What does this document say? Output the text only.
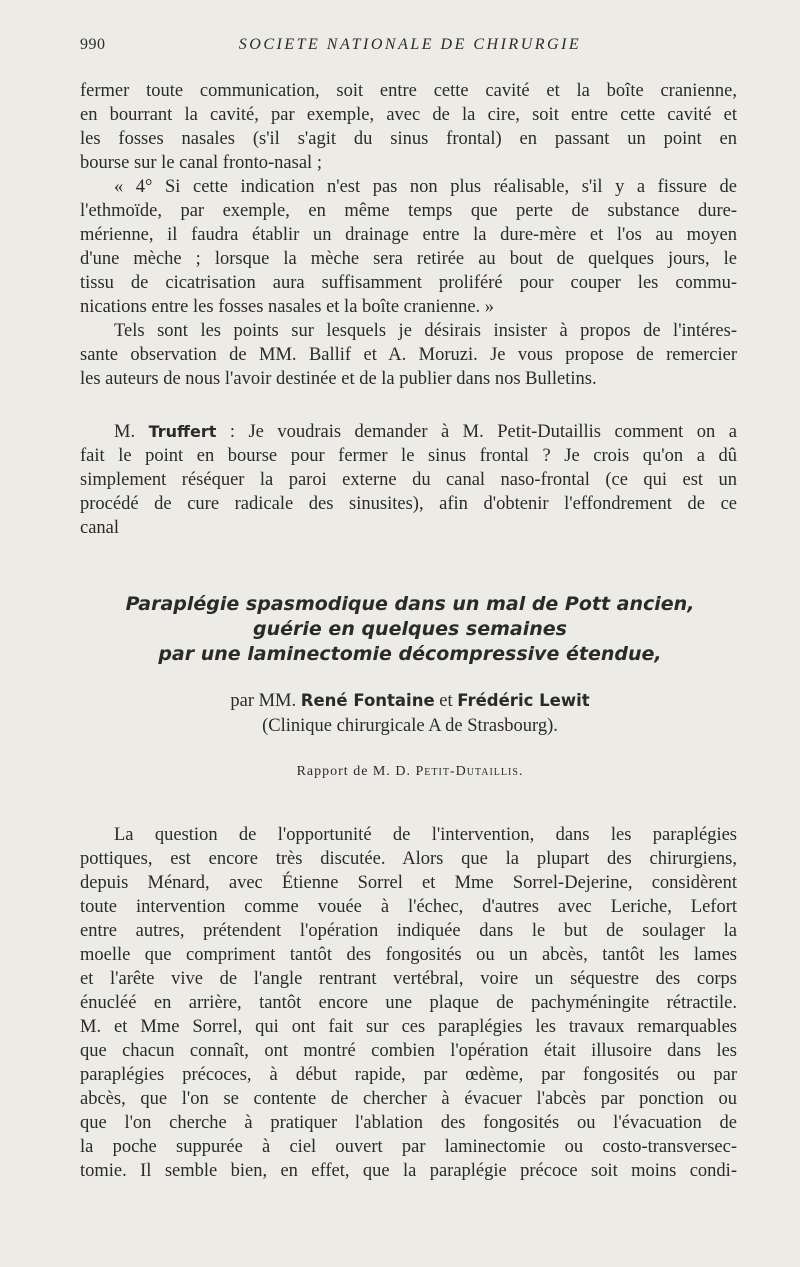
990	SOCIETE NATIONALE DE CHIRURGIE
fermer toute communication, soit entre cette cavité et la boîte cranienne,
en bourrant la cavité, par exemple, avec de la cire, soit entre cette cavité et
les fosses nasales (s'il s'agit du sinus frontal) en passant un point en
bourse sur le canal fronto-nasal ;
« 4° Si cette indication n'est pas non plus réalisable, s'il y a fissure de
l'ethmoïde, par exemple, en même temps que perte de substance dure-
mérienne, il faudra établir un drainage entre la dure-mère et l'os au moyen
d'une mèche ; lorsque la mèche sera retirée au bout de quelques jours, le
tissu de cicatrisation aura suffisamment proliféré pour couper les commu-
nications entre les fosses nasales et la boîte cranienne. »
Tels sont les points sur lesquels je désirais insister à propos de l'intéres-
sante observation de MM. Ballif et A. Moruzi. Je vous propose de remercier
les auteurs de nous l'avoir destinée et de la publier dans nos Bulletins.
M. Truffert : Je voudrais demander à M. Petit-Dutaillis comment on a
fait le point en bourse pour fermer le sinus frontal ? Je crois qu'on a dû
simplement réséquer la paroi externe du canal naso-frontal (ce qui est un
procédé de cure radicale des sinusites), afin d'obtenir l'effondrement de ce
canal
Paraplégie spasmodique dans un mal de Pott ancien,
guérie en quelques semaines
par une laminectomie décompressive étendue,
par MM. René Fontaine et Frédéric Lewit
(Clinique chirurgicale A de Strasbourg).
Rapport de M. D. Petit-Dutaillis.
La question de l'opportunité de l'intervention, dans les paraplégies
pottiques, est encore très discutée. Alors que la plupart des chirurgiens,
depuis Ménard, avec Étienne Sorrel et Mme Sorrel-Dejerine, considèrent
toute intervention comme vouée à l'échec, d'autres avec Leriche, Lefort
entre autres, prétendent l'opération indiquée dans le but de soulager la
moelle que compriment tantôt des fongosités ou un abcès, tantôt les lames
et l'arête vive de l'angle rentrant vertébral, voire un séquestre des corps
énucléé en arrière, tantôt encore une plaque de pachyméningite rétractile.
M. et Mme Sorrel, qui ont fait sur ces paraplégies les travaux remarquables
que chacun connaît, ont montré combien l'opération était illusoire dans les
paraplégies précoces, à début rapide, par œdème, par fongosités ou par
abcès, que l'on se contente de chercher à évacuer l'abcès par ponction ou
que l'on cherche à pratiquer l'ablation des fongosités ou l'évacuation de
la poche suppurée à ciel ouvert par laminectomie ou costo-transversec-
tomie. Il semble bien, en effet, que la paraplégie précoce soit moins condi-
